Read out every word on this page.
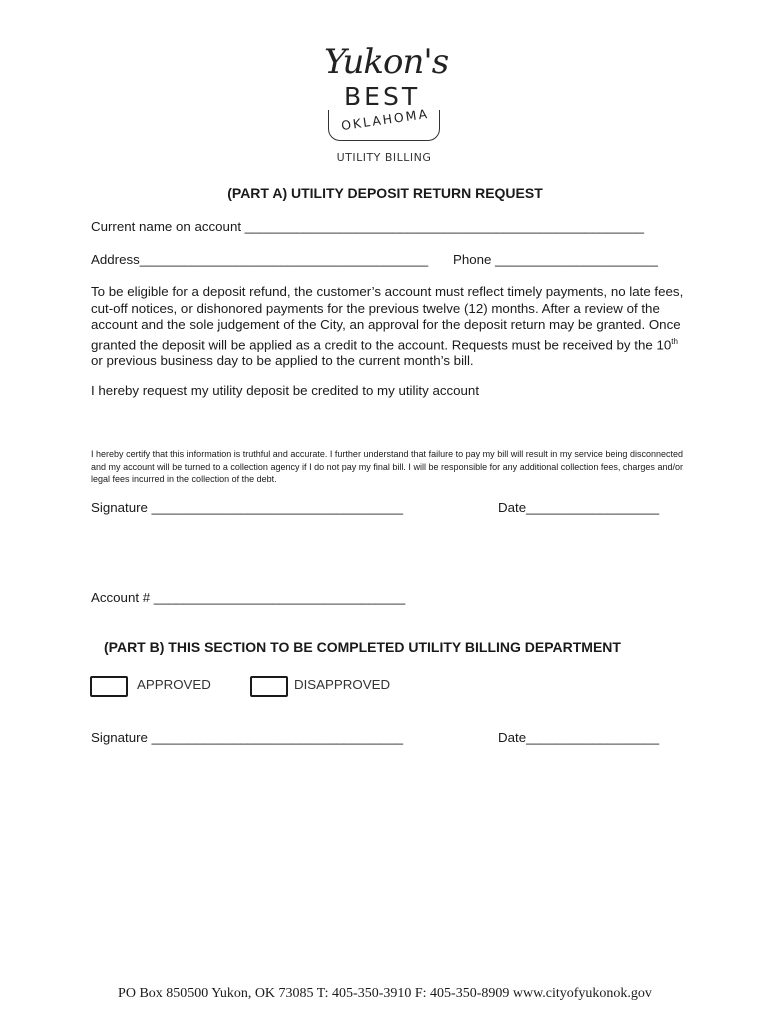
Yukon's
BEST
OKLAHOMA
UTILITY BILLING
(PART A) UTILITY DEPOSIT RETURN REQUEST
Current name on account ______________________________________________________
Address_______________________________________ Phone ______________________
To be eligible for a deposit refund, the customer’s account must reflect timely payments, no late fees, cut-off notices, or dishonored payments for the previous twelve (12) months. After a review of the account and the sole judgement of the City, an approval for the deposit return may be granted. Once granted the deposit will be applied as a credit to the account. Requests must be received by the 10th or previous business day to be applied to the current month’s bill.
I hereby request my utility deposit be credited to my utility account
I hereby certify that this information is truthful and accurate. I further understand that failure to pay my bill will result in my service being disconnected and my account will be turned to a collection agency if I do not pay my final bill. I will be responsible for any additional collection fees, charges and/or legal fees incurred in the collection of the debt.
Signature __________________________________	Date__________________
Account # __________________________________
(PART B) THIS SECTION TO BE COMPLETED UTILITY BILLING DEPARTMENT
APPROVED	DISAPPROVED
Signature __________________________________	Date__________________
PO Box 850500 Yukon, OK 73085 T: 405-350-3910 F: 405-350-8909 www.cityofyukonok.gov
